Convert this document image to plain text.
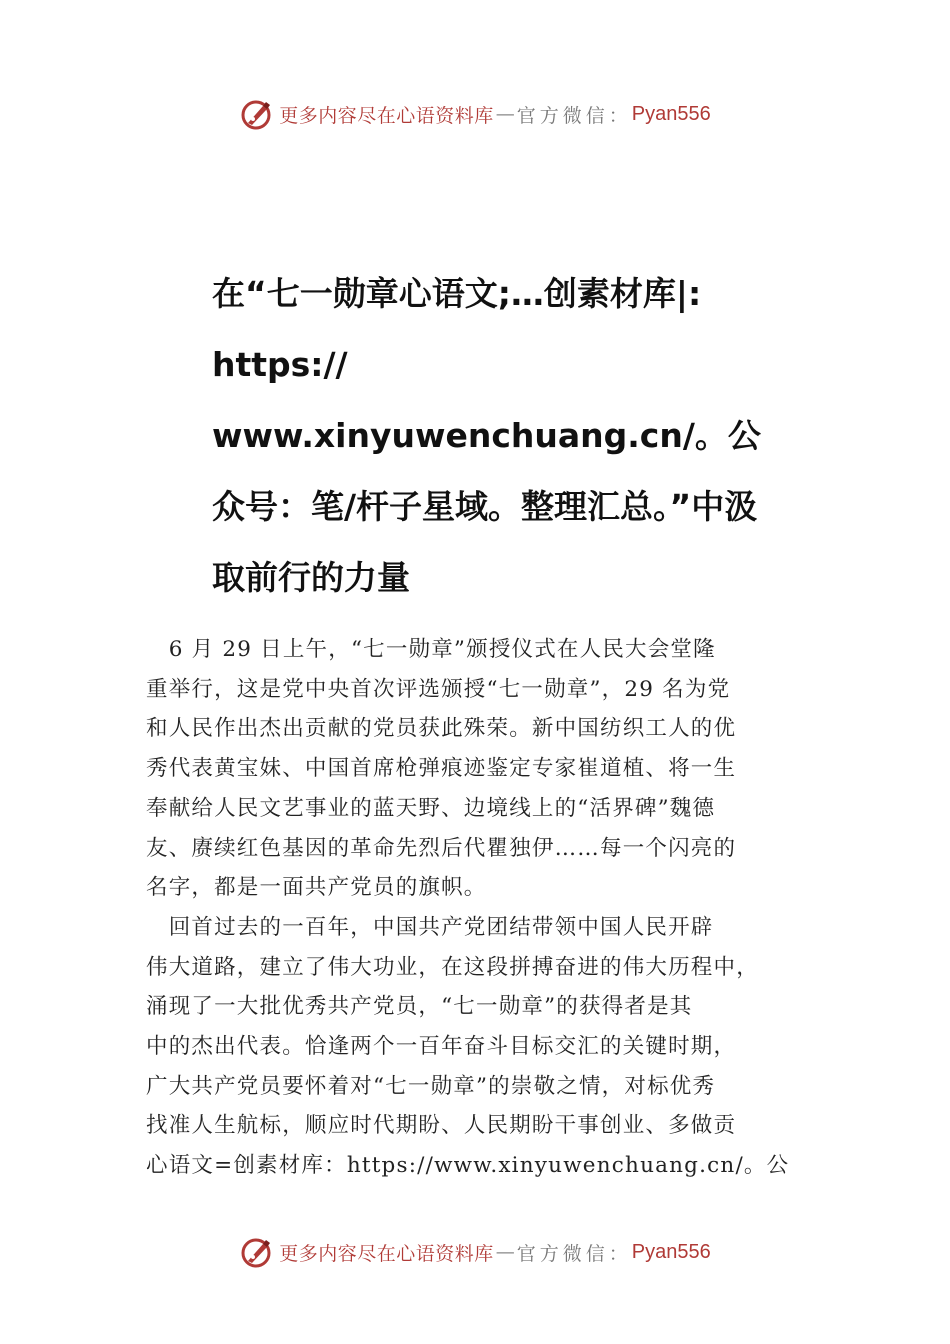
更多内容尽在心语资料库 — 官方微信： Pyan556
在“七一勋章心语文;…创素材库|:
https://
www.xinyuwenchuang.cn/。公
众号：笔/杆子星域。整理汇总。”中汲
取前行的力量
　6 月 29 日上午，“七一勋章”颁授仪式在人民大会堂隆
重举行，这是党中央首次评选颁授“七一勋章”，29 名为党
和人民作出杰出贡献的党员获此殊荣。新中国纺织工人的优
秀代表黄宝妹、中国首席枪弹痕迹鉴定专家崔道植、将一生
奉献给人民文艺事业的蓝天野、边境线上的“活界碑”魏德
友、赓续红色基因的革命先烈后代瞿独伊……每一个闪亮的
名字，都是一面共产党员的旗帜。
　回首过去的一百年，中国共产党团结带领中国人民开辟
伟大道路，建立了伟大功业，在这段拼搏奋进的伟大历程中，
涌现了一大批优秀共产党员，“七一勋章”的获得者是其
中的杰出代表。恰逢两个一百年奋斗目标交汇的关键时期，
广大共产党员要怀着对“七一勋章”的崇敬之情，对标优秀
找准人生航标，顺应时代期盼、人民期盼干事创业、多做贡
心语文=创素材库：https://www.xinyuwenchuang.cn/。公
更多内容尽在心语资料库 — 官方微信： Pyan556
